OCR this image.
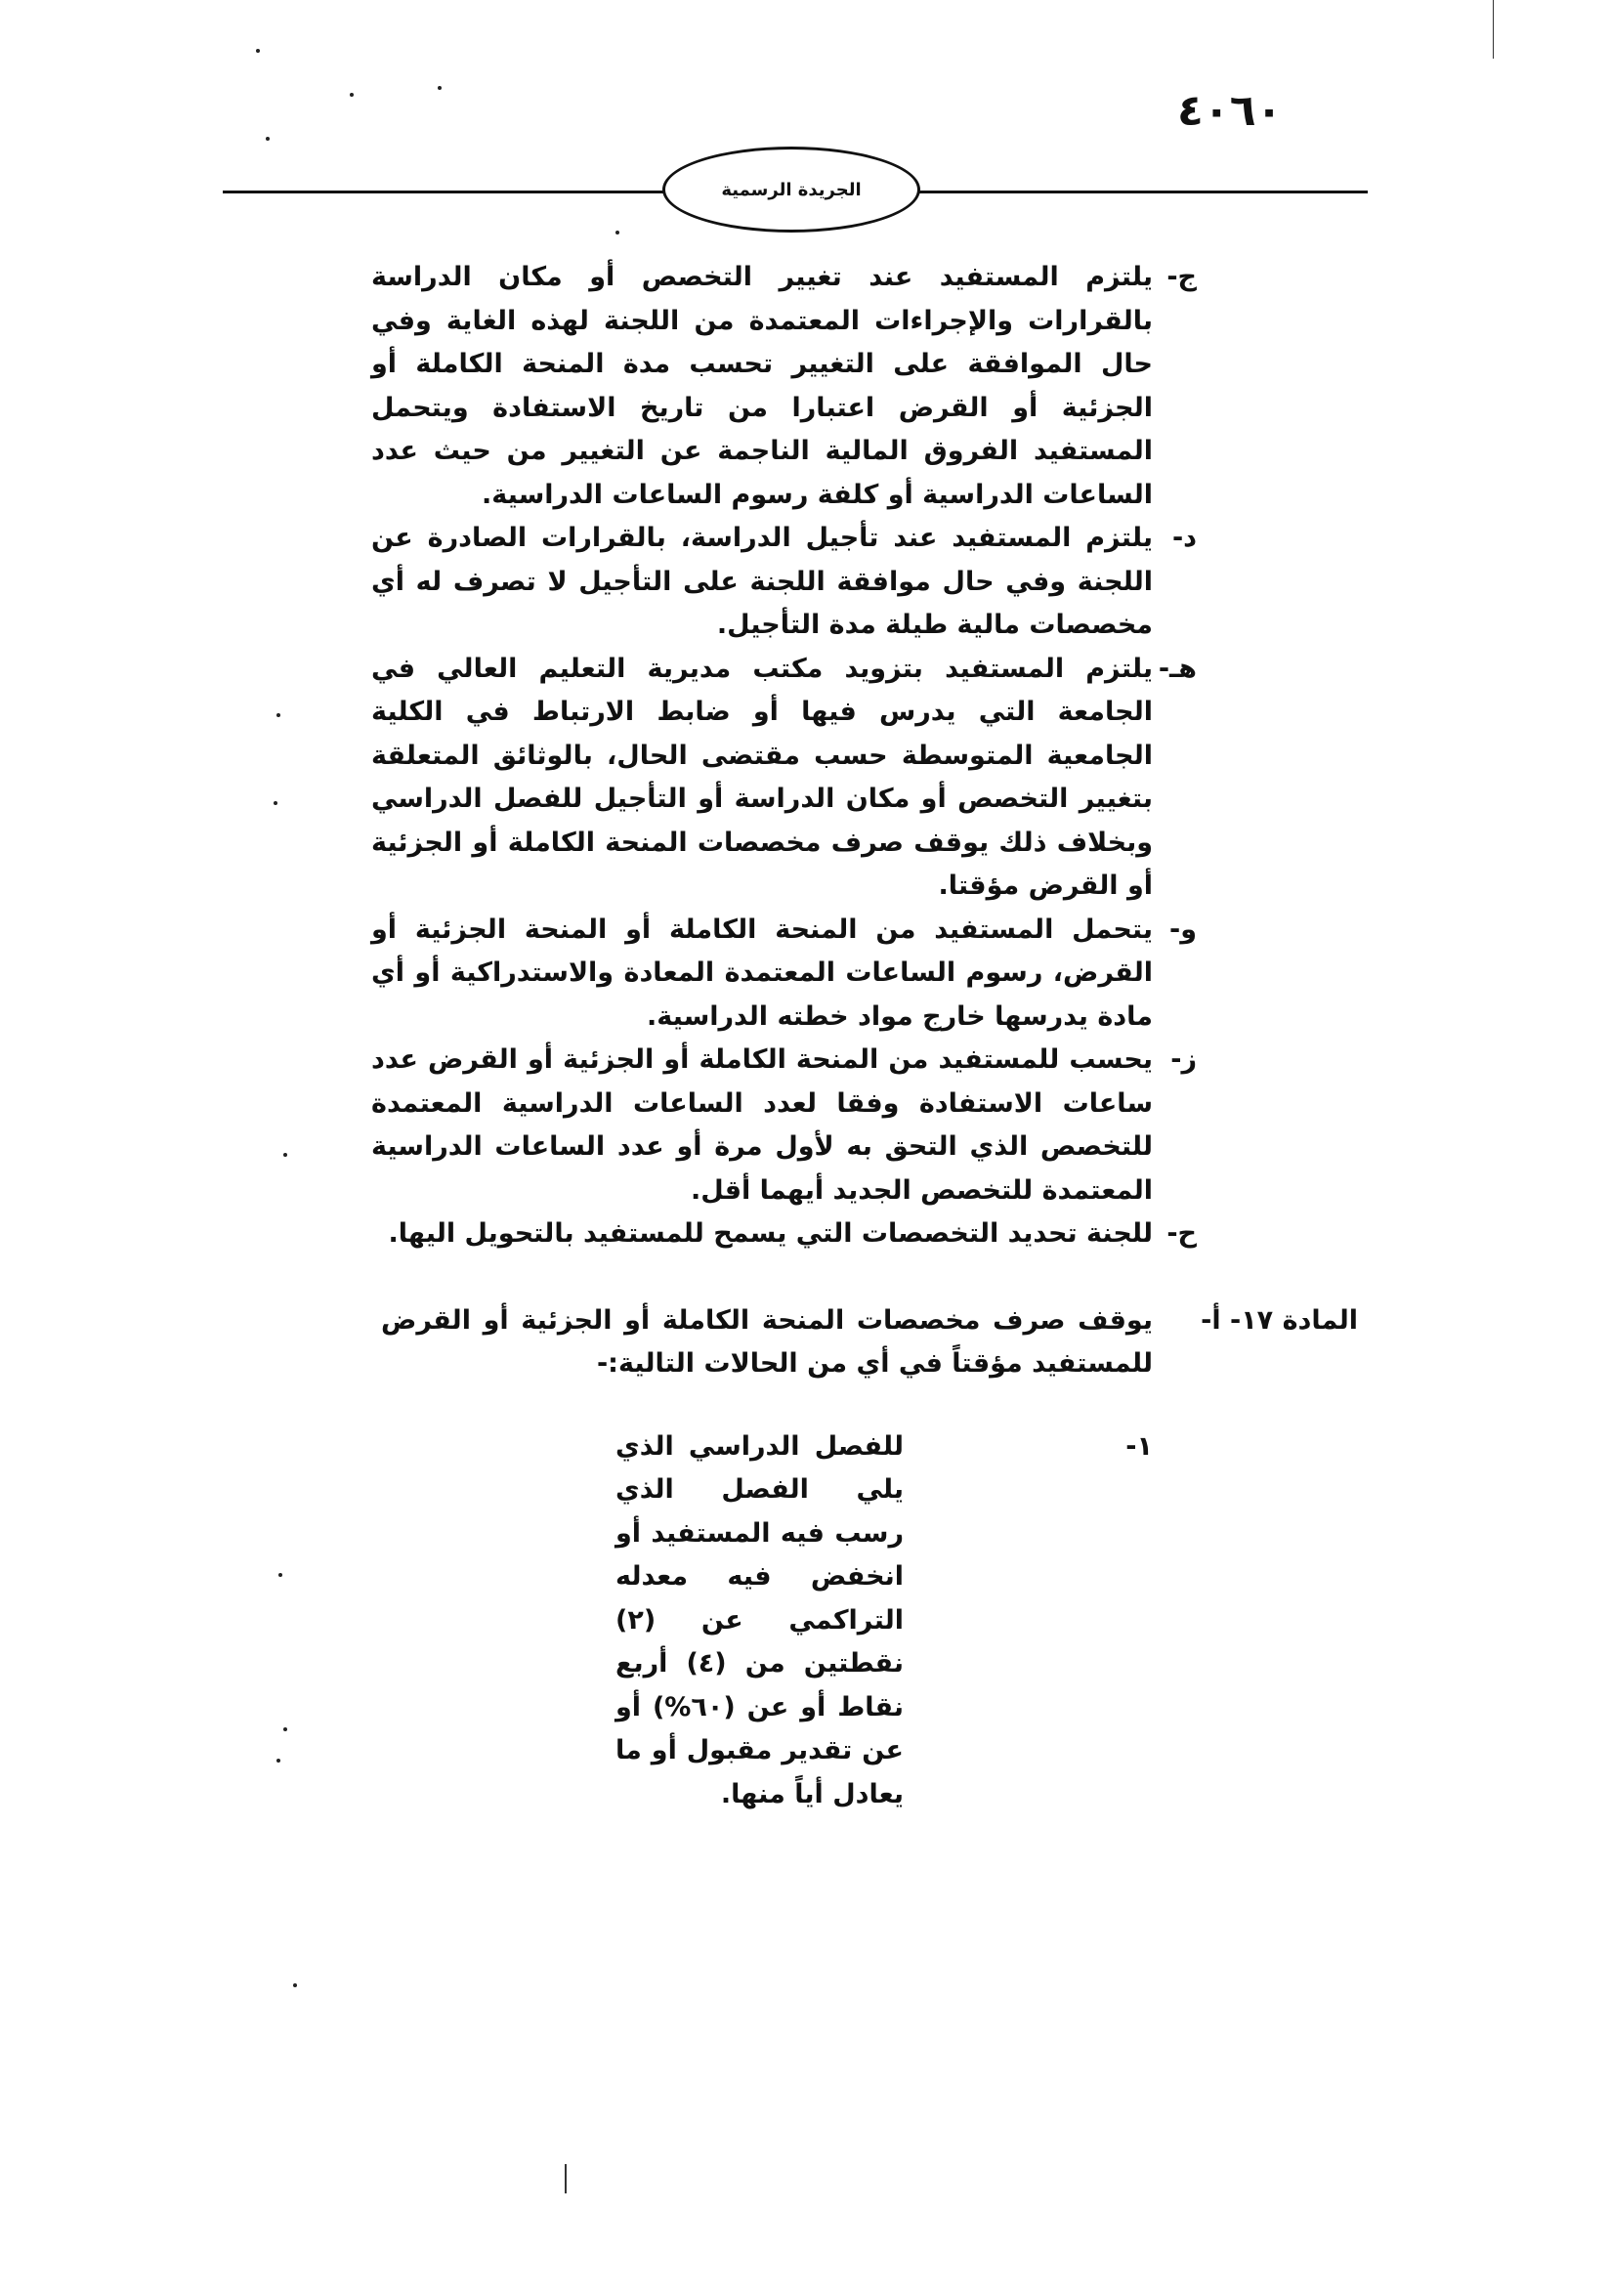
٤٠٦٠
الجريدة الرسمية
ج-
يلتزم المستفيد عند تغيير التخصص أو مكان الدراسة بالقرارات والإجراءات المعتمدة من اللجنة لهذه الغاية وفي حال الموافقة على التغيير تحسب مدة المنحة الكاملة أو الجزئية أو القرض اعتبارا من تاريخ الاستفادة ويتحمل المستفيد الفروق المالية الناجمة عن التغيير من حيث عدد الساعات الدراسية أو كلفة رسوم الساعات الدراسية.
د-
يلتزم المستفيد عند تأجيل الدراسة، بالقرارات الصادرة عن اللجنة وفي حال موافقة اللجنة على التأجيل لا تصرف له أي مخصصات مالية طيلة مدة التأجيل.
هـ-
يلتزم المستفيد بتزويد مكتب مديرية التعليم العالي في الجامعة التي يدرس فيها أو ضابط الارتباط في الكلية الجامعية المتوسطة حسب مقتضى الحال، بالوثائق المتعلقة بتغيير التخصص أو مكان الدراسة أو التأجيل للفصل الدراسي وبخلاف ذلك يوقف صرف مخصصات المنحة الكاملة أو الجزئية أو القرض مؤقتا.
و-
يتحمل المستفيد من المنحة الكاملة أو المنحة الجزئية أو القرض، رسوم الساعات المعتمدة المعادة والاستدراكية أو أي مادة يدرسها خارج مواد خطته الدراسية.
ز-
يحسب للمستفيد من المنحة الكاملة أو الجزئية أو القرض عدد ساعات الاستفادة وفقا لعدد الساعات الدراسية المعتمدة للتخصص الذي التحق به لأول مرة أو عدد الساعات الدراسية المعتمدة للتخصص الجديد أيهما أقل.
ح-
للجنة تحديد التخصصات التي يسمح للمستفيد بالتحويل اليها.
المادة ١٧- أ-
يوقف صرف مخصصات المنحة الكاملة أو الجزئية أو القرض للمستفيد مؤقتاً في أي من الحالات التالية:-
١-
للفصل الدراسي الذي يلي الفصل الذي رسب فيه المستفيد أو انخفض فيه معدله التراكمي عن (٢) نقطتين من (٤) أربع نقاط أو عن (٦٠%) أو عن تقدير مقبول أو ما يعادل أياً منها.
